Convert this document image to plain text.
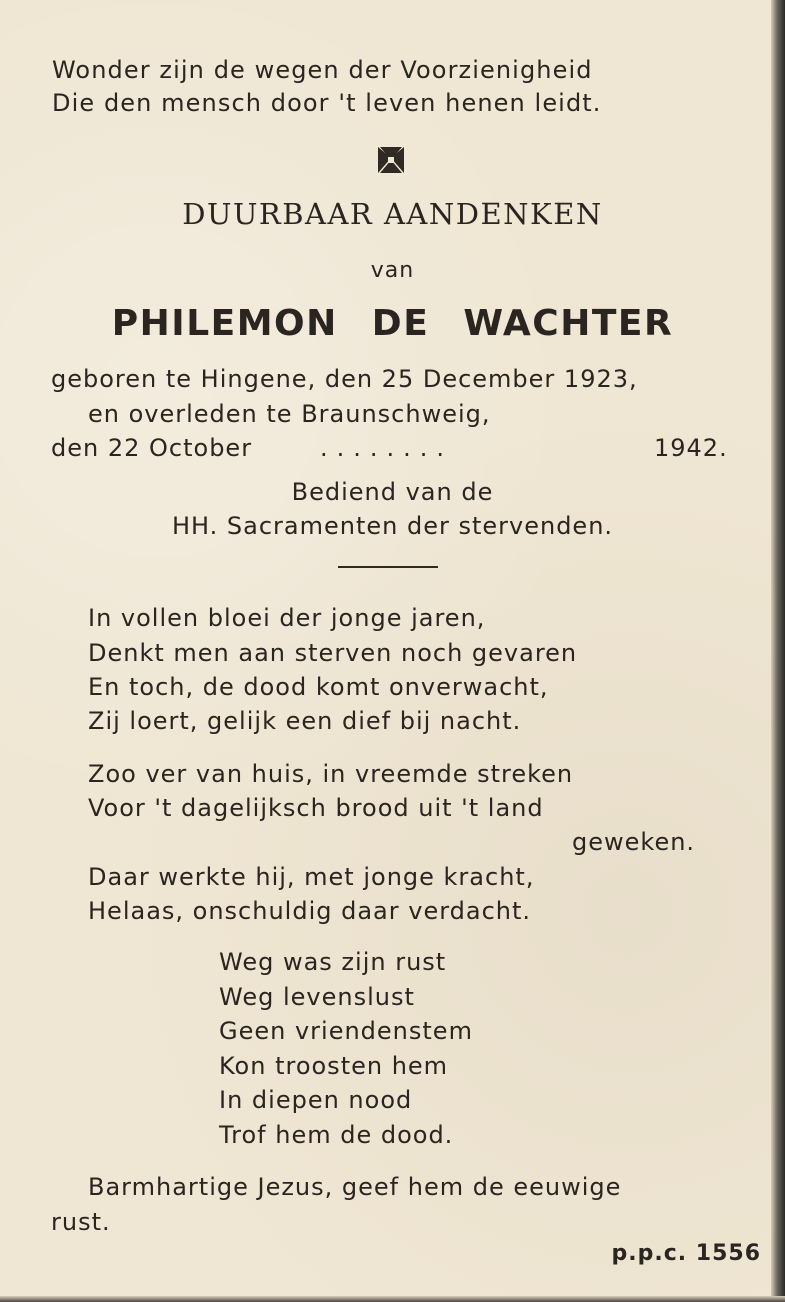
Wonder zijn de wegen der Voorzienigheid
Die den mensch door 't leven henen leidt.
DUURBAAR AANDENKEN
van
PHILEMON DE WACHTER
geboren te Hingene, den 25 December 1923,
en overleden te Braunschweig,
den 22 October	........	1942.
Bediend van de
HH. Sacramenten der stervenden.
In vollen bloei der jonge jaren,
Denkt men aan sterven noch gevaren
En toch, de dood komt onverwacht,
Zij loert, gelijk een dief bij nacht.
Zoo ver van huis, in vreemde streken
Voor 't dagelijksch brood uit 't land
geweken.
Daar werkte hij, met jonge kracht,
Helaas, onschuldig daar verdacht.
Weg was zijn rust
Weg levenslust
Geen vriendenstem
Kon troosten hem
In diepen nood
Trof hem de dood.
Barmhartige Jezus, geef hem de eeuwige
rust.
p.p.c. 1556
